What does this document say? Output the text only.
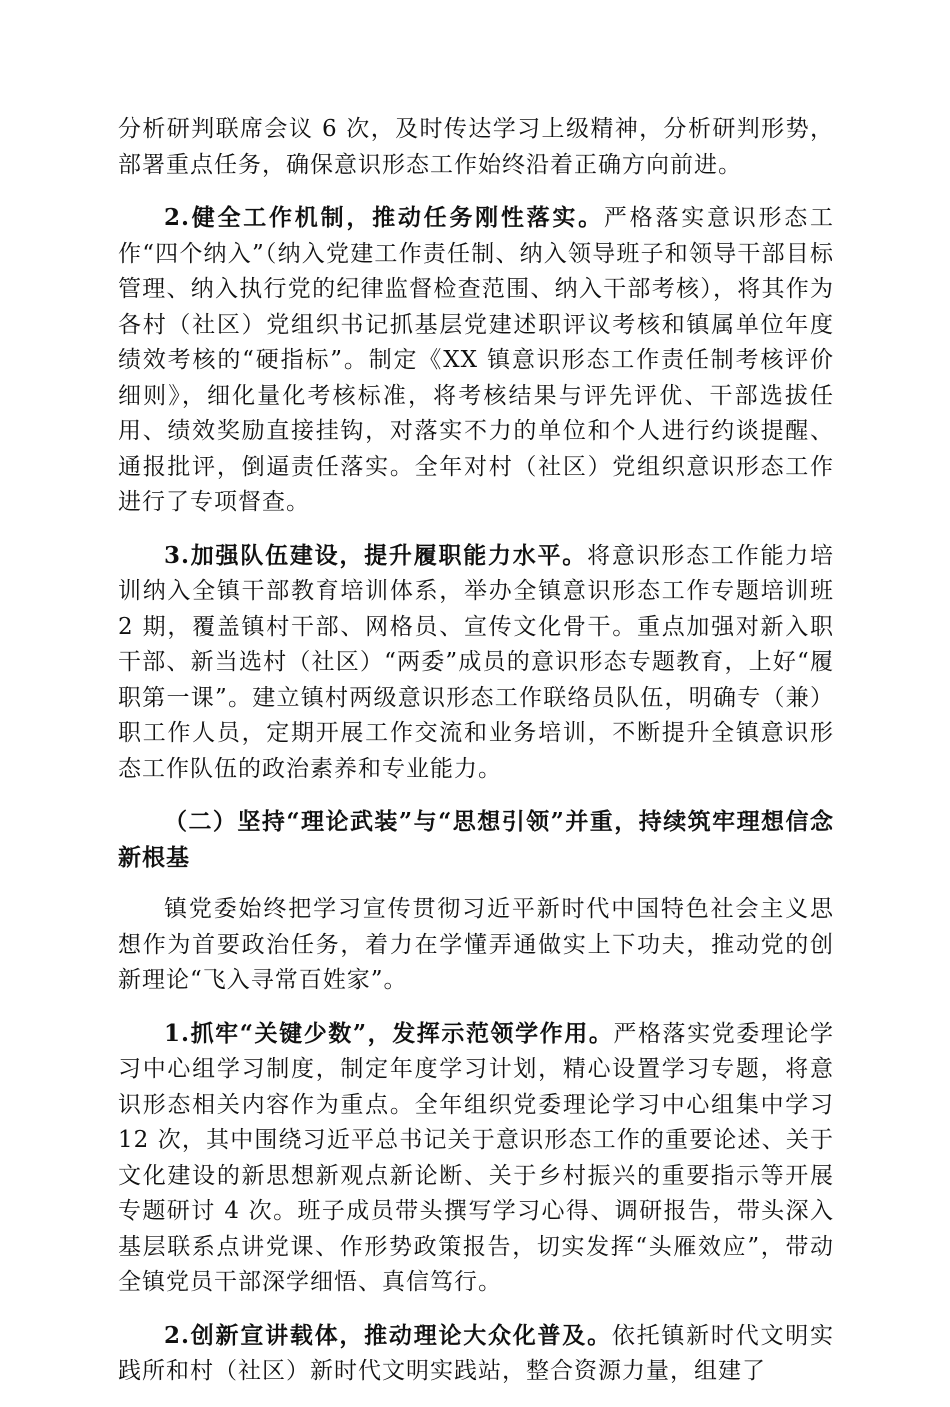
分析研判联席会议 6 次，及时传达学习上级精神，分析研判形势，部署重点任务，确保意识形态工作始终沿着正确方向前进。

2.健全工作机制，推动任务刚性落实。严格落实意识形态工作“四个纳入”（纳入党建工作责任制、纳入领导班子和领导干部目标管理、纳入执行党的纪律监督检查范围、纳入干部考核），将其作为各村（社区）党组织书记抓基层党建述职评议考核和镇属单位年度绩效考核的“硬指标”。制定《XX 镇意识形态工作责任制考核评价细则》，细化量化考核标准，将考核结果与评先评优、干部选拔任用、绩效奖励直接挂钩，对落实不力的单位和个人进行约谈提醒、通报批评，倒逼责任落实。全年对村（社区）党组织意识形态工作进行了专项督查。

3.加强队伍建设，提升履职能力水平。将意识形态工作能力培训纳入全镇干部教育培训体系，举办全镇意识形态工作专题培训班 2 期，覆盖镇村干部、网格员、宣传文化骨干。重点加强对新入职干部、新当选村（社区）“两委”成员的意识形态专题教育，上好“履职第一课”。建立镇村两级意识形态工作联络员队伍，明确专（兼）职工作人员，定期开展工作交流和业务培训，不断提升全镇意识形态工作队伍的政治素养和专业能力。

（二）坚持“理论武装”与“思想引领”并重，持续筑牢理想信念新根基

镇党委始终把学习宣传贯彻习近平新时代中国特色社会主义思想作为首要政治任务，着力在学懂弄通做实上下功夫，推动党的创新理论“飞入寻常百姓家”。

1.抓牢“关键少数”，发挥示范领学作用。严格落实党委理论学习中心组学习制度，制定年度学习计划，精心设置学习专题，将意识形态相关内容作为重点。全年组织党委理论学习中心组集中学习 12 次，其中围绕习近平总书记关于意识形态工作的重要论述、关于文化建设的新思想新观点新论断、关于乡村振兴的重要指示等开展专题研讨 4 次。班子成员带头撰写学习心得、调研报告，带头深入基层联系点讲党课、作形势政策报告，切实发挥“头雁效应”，带动全镇党员干部深学细悟、真信笃行。

2.创新宣讲载体，推动理论大众化普及。依托镇新时代文明实践所和村（社区）新时代文明实践站，整合资源力量，组建了
